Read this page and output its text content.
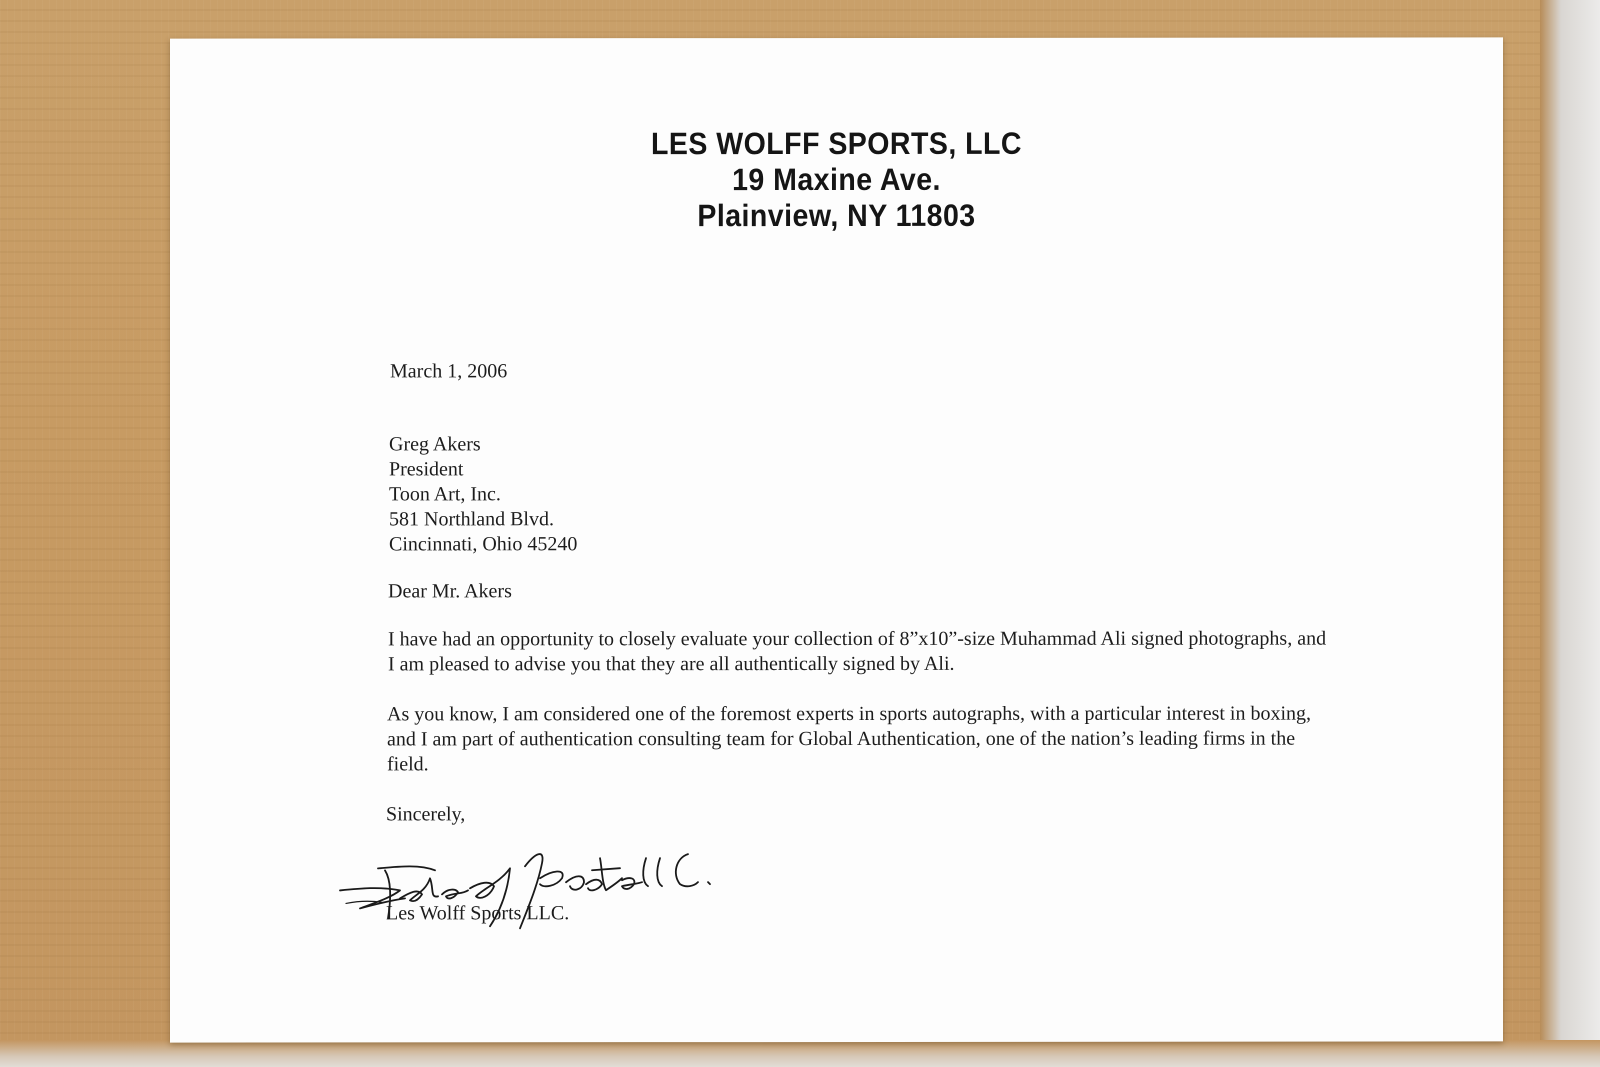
LES WOLFF SPORTS, LLC
19 Maxine Ave.
Plainview, NY 11803
March 1, 2006
Greg Akers
President
Toon Art, Inc.
581 Northland Blvd.
Cincinnati, Ohio 45240
Dear Mr. Akers
I have had an opportunity to closely evaluate your collection of 8”x10”-size Muhammad Ali signed photographs, and I am pleased to advise you that they are all authentically signed by Ali.
As you know, I am considered one of the foremost experts in sports autographs, with a particular interest in boxing, and I am part of authentication consulting team for Global Authentication, one of the nation’s leading firms in the field.
Sincerely,
Les Wolff Sports LLC.
